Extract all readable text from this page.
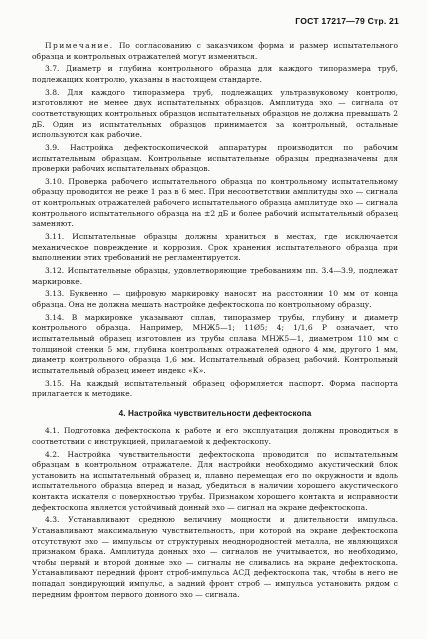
ГОСТ 17217—79 Стр. 21

Примечание. По согласованию с заказчиком форма и размер испытательного образца и контрольных отражателей могут изменяться.

3.7. Диаметр и глубина контрольного образца для каждого типоразмера труб, подлежащих контролю, указаны в настоящем стандарте.

3.8. Для каждого типоразмера труб, подлежащих ультразвуковому контролю, изготовляют не менее двух испытательных образцов. Амплитуда эхо — сигнала от соответствующих контрольных образцов испытательных образцов не должна превышать 2 дБ. Один из испытательных образцов принимается за контрольный, остальные используются как рабочие.

3.9. Настройка дефектоскопической аппаратуры производится по рабочим испытательным образцам. Контрольные испытательные образцы предназначены для проверки рабочих испытательных образцов.

3.10. Проверка рабочего испытательного образца по контрольному испытательному образцу проводится не реже 1 раз в 6 мес. При несоответствии амплитуды эхо — сигнала от контрольных отражателей рабочего испытательного образца амплитуде эхо — сигнала контрольного испытательного образца на ±2 дБ и более рабочий испытательный образец заменяют.

3.11. Испытательные образцы должны храниться в местах, где исключается механическое повреждение и коррозия. Срок хранения испытательного образца при выполнении этих требований не регламентируется.

3.12. Испытательные образцы, удовлетворяющие требованиям пп. 3.4—3.9, подлежат маркировке.

3.13. Буквенно — цифровую маркировку наносят на расстоянии 10 мм от конца образца. Она не должна мешать настройке дефектоскопа по контрольному образцу.

3.14. В маркировке указывают сплав, типоразмер трубы, глубину и диаметр контрольного образца. Например, МНЖ5—1; 11Ø5; 4; 1/1,6 Р означает, что испытательный образец изготовлен из трубы сплава МНЖ5—1, диаметром 110 мм с толщиной стенки 5 мм, глубина контрольных отражателей одного 4 мм, другого 1 мм, диаметр контрольного образца 1,6 мм. Испытательный образец рабочий. Контрольный испытательный образец имеет индекс «К».

3.15. На каждый испытательный образец оформляется паспорт. Форма паспорта прилагается к методике.

4. Настройка чувствительности дефектоскопа

4.1. Подготовка дефектоскопа к работе и его эксплуатация должны проводиться в соответствии с инструкцией, прилагаемой к дефектоскопу.

4.2. Настройка чувствительности дефектоскопа проводится по испытательным образцам в контрольном отражателе. Для настройки необходимо акустический блок установить на испытательный образец и, плавно перемещая его по окружности и вдоль испытательного образца вперед и назад, убедиться в наличии хорошего акустического контакта искателя с поверхностью трубы. Признаком хорошего контакта и исправности дефектоскопа является устойчивый донный эхо — сигнал на экране дефектоскопа.

4.3. Устанавливают среднюю величину мощности и длительности импульса. Устанавливают максимальную чувствительность, при которой на экране дефектоскопа отсутствуют эхо — импульсы от структурных неоднородностей металла, не являющихся признаком брака. Амплитуда донных эхо — сигналов не учитывается, но необходимо, чтобы первый и второй донные эхо — сигналы не сливались на экране дефектоскопа. Устанавливают передний фронт строб-импульса АСД дефектоскопа так, чтобы в него не попадал зондирующий импульс, а задний фронт строб — импульса установить рядом с передним фронтом первого донного эхо — сигнала.
